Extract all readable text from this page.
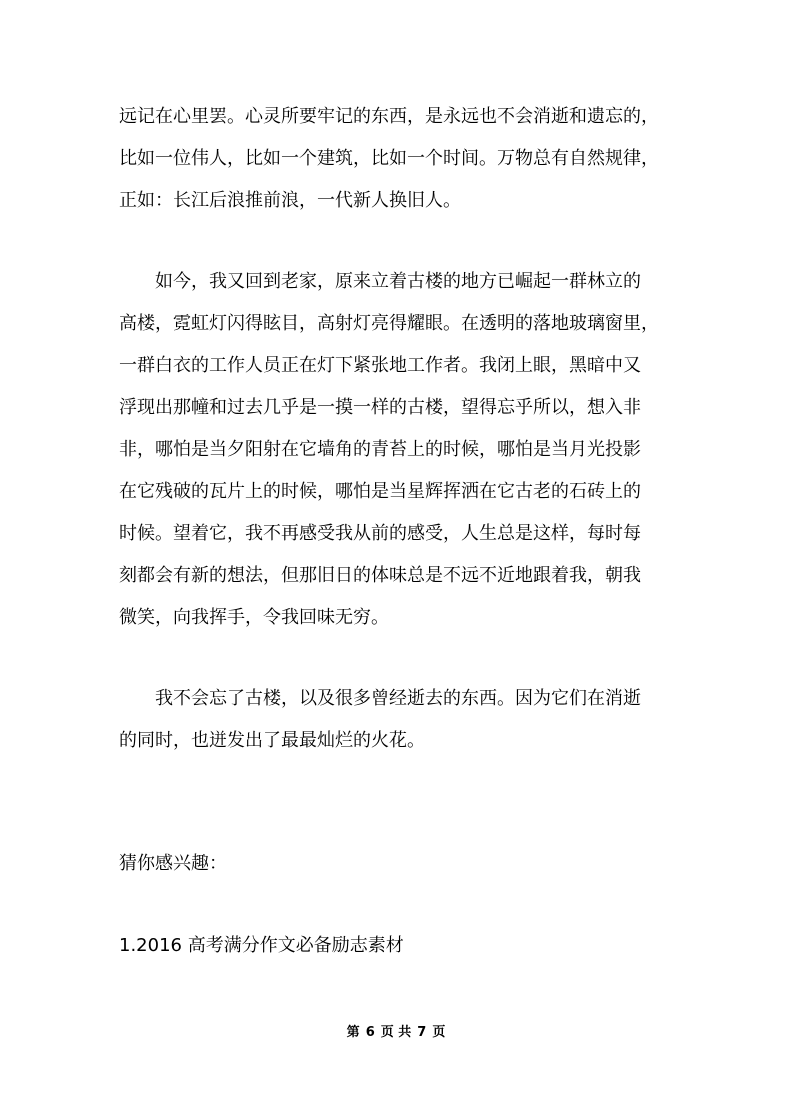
远记在心里罢。心灵所要牢记的东西，是永远也不会消逝和遗忘的，
比如一位伟人，比如一个建筑，比如一个时间。万物总有自然规律，
正如：长江后浪推前浪，一代新人换旧人。
如今，我又回到老家，原来立着古楼的地方已崛起一群林立的
高楼，霓虹灯闪得眩目，高射灯亮得耀眼。在透明的落地玻璃窗里，
一群白衣的工作人员正在灯下紧张地工作者。我闭上眼，黑暗中又
浮现出那幢和过去几乎是一摸一样的古楼，望得忘乎所以，想入非
非，哪怕是当夕阳射在它墙角的青苔上的时候，哪怕是当月光投影
在它残破的瓦片上的时候，哪怕是当星辉挥洒在它古老的石砖上的
时候。望着它，我不再感受我从前的感受，人生总是这样，每时每
刻都会有新的想法，但那旧日的体味总是不远不近地跟着我，朝我
微笑，向我挥手，令我回味无穷。
我不会忘了古楼，以及很多曾经逝去的东西。因为它们在消逝
的同时，也迸发出了最最灿烂的火花。
猜你感兴趣：
1.2016 高考满分作文必备励志素材
第 6 页 共 7 页
